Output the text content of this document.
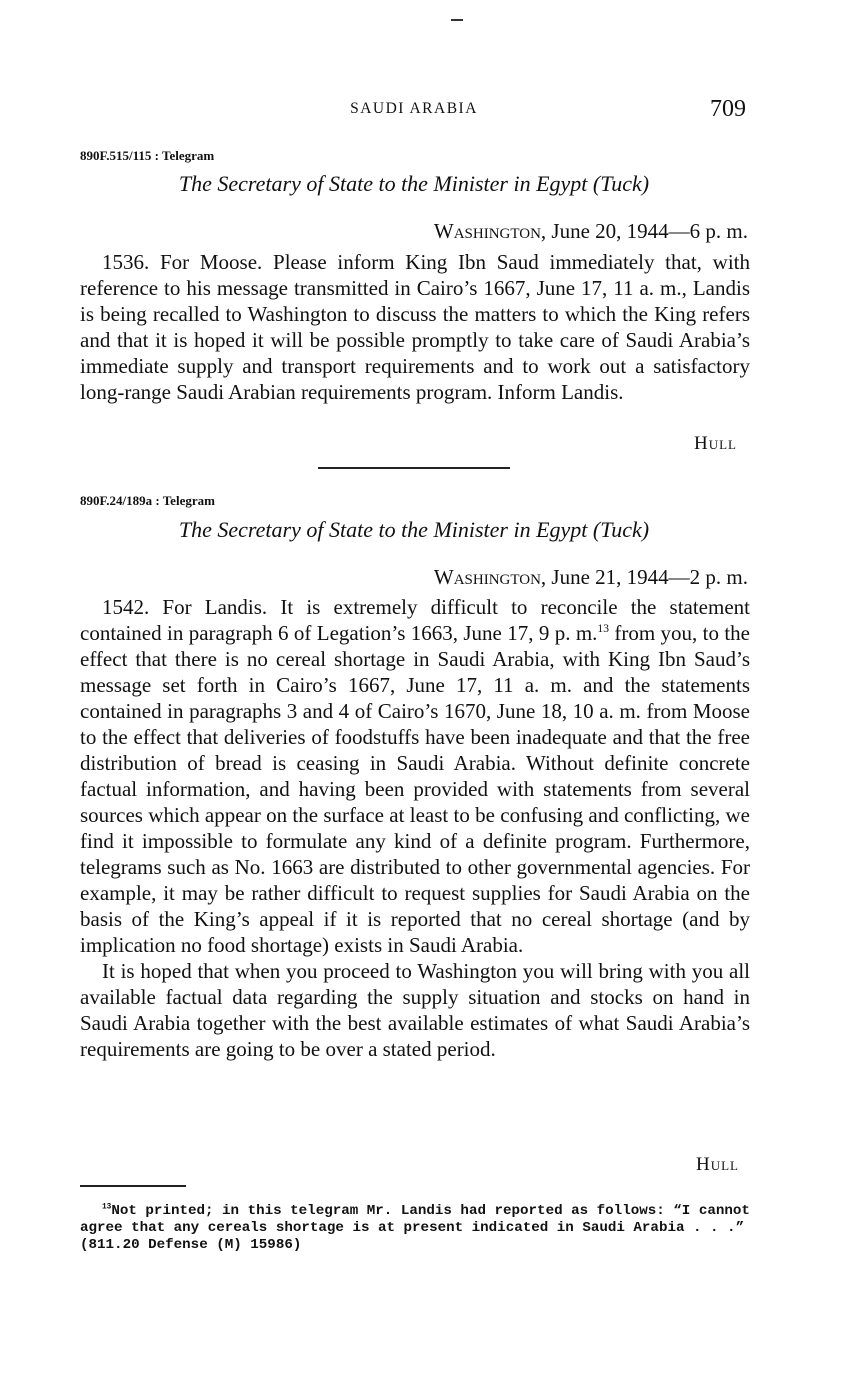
SAUDI ARABIA	709
890F.515/115 : Telegram
The Secretary of State to the Minister in Egypt (Tuck)
Washington, June 20, 1944—6 p. m.

1536. For Moose. Please inform King Ibn Saud immediately that, with reference to his message transmitted in Cairo’s 1667, June 17, 11 a. m., Landis is being recalled to Washington to discuss the matters to which the King refers and that it is hoped it will be possible promptly to take care of Saudi Arabia’s immediate supply and transport requirements and to work out a satisfactory long-range Saudi Arabian requirements program. Inform Landis.

Hull
890F.24/189a : Telegram
The Secretary of State to the Minister in Egypt (Tuck)
Washington, June 21, 1944—2 p. m.

1542. For Landis. It is extremely difficult to reconcile the statement contained in paragraph 6 of Legation’s 1663, June 17, 9 p. m.$^{13}$ from you, to the effect that there is no cereal shortage in Saudi Arabia, with King Ibn Saud’s message set forth in Cairo’s 1667, June 17, 11 a. m. and the statements contained in paragraphs 3 and 4 of Cairo’s 1670, June 18, 10 a. m. from Moose to the effect that deliveries of foodstuffs have been inadequate and that the free distribution of bread is ceasing in Saudi Arabia. Without definite concrete factual information, and having been provided with statements from several sources which appear on the surface at least to be confusing and conflicting, we find it impossible to formulate any kind of a definite program. Furthermore, telegrams such as No. 1663 are distributed to other governmental agencies. For example, it may be rather difficult to request supplies for Saudi Arabia on the basis of the King’s appeal if it is reported that no cereal shortage (and by implication no food shortage) exists in Saudi Arabia.

It is hoped that when you proceed to Washington you will bring with you all available factual data regarding the supply situation and stocks on hand in Saudi Arabia together with the best available estimates of what Saudi Arabia’s requirements are going to be over a stated period.

Hull

$^{13}$Not printed; in this telegram Mr. Landis had reported as follows: “I cannot agree that any cereals shortage is at present indicated in Saudi Arabia . . .” (811.20 Defense (M) 15986)
